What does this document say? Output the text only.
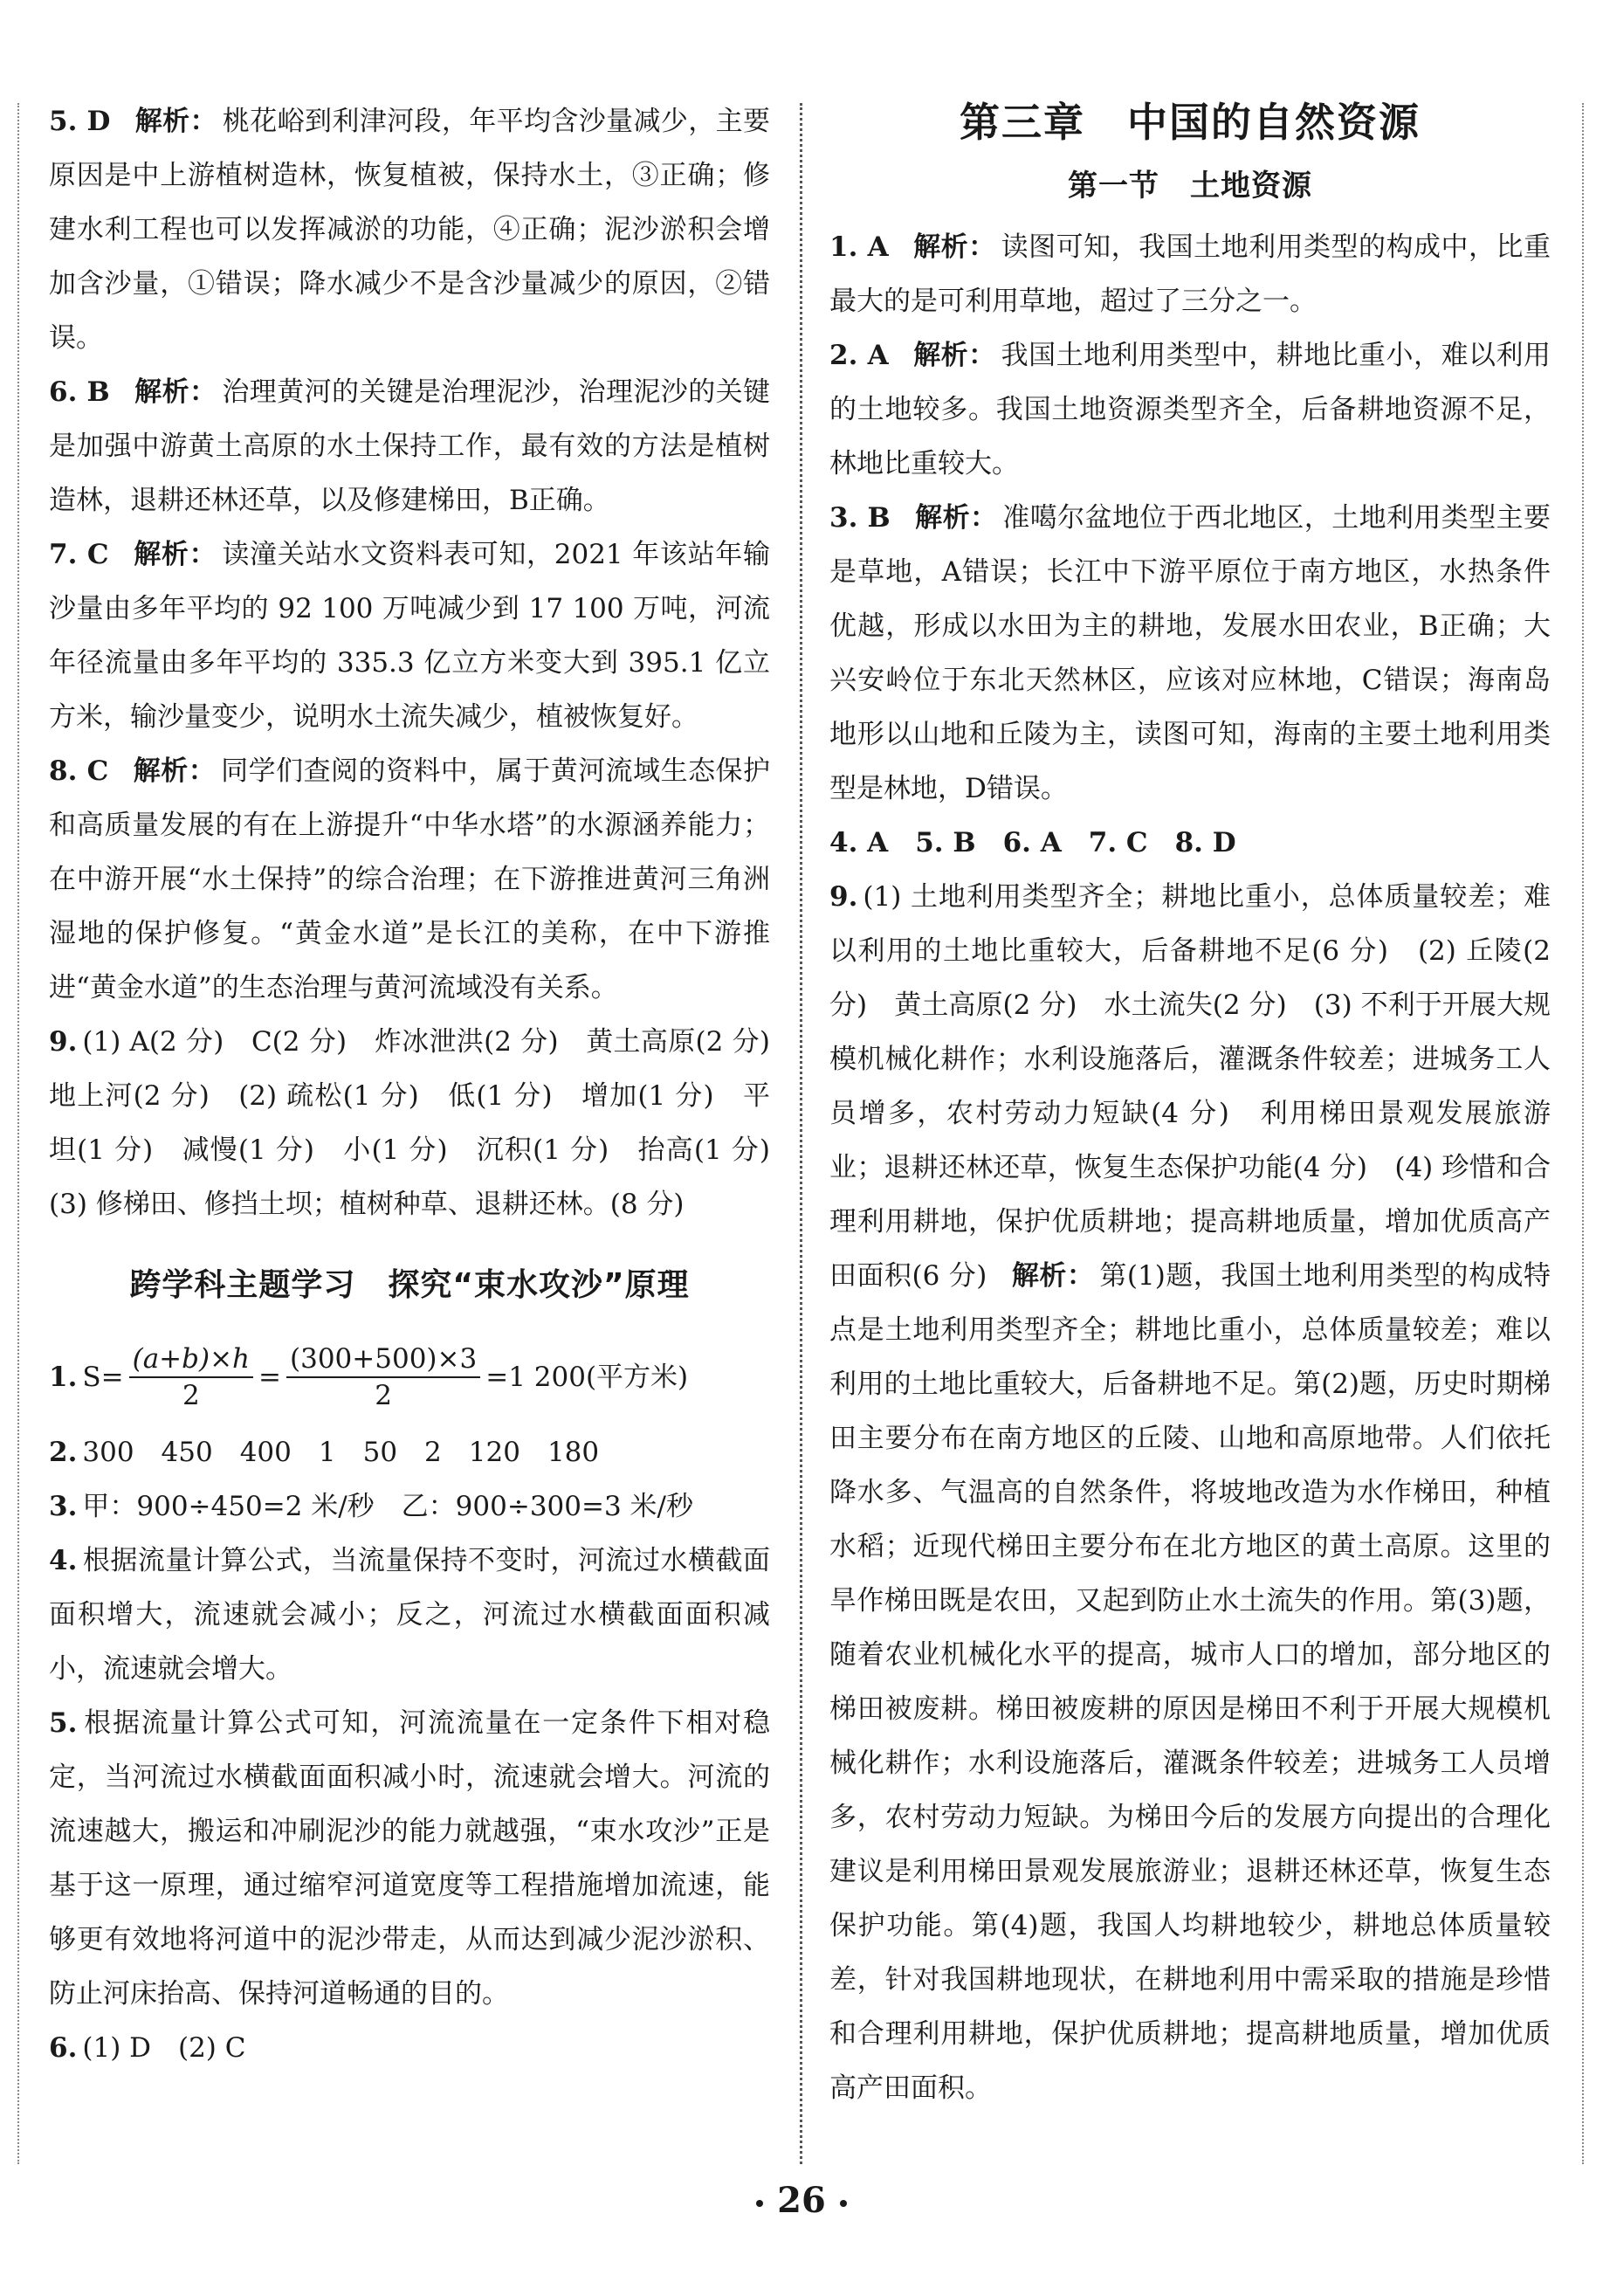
5. D 解析： 桃花峪到利津河段，年平均含沙量减少，主要原因是中上游植树造林，恢复植被，保持水土，③正确；修建水利工程也可以发挥减淤的功能，④正确；泥沙淤积会增加含沙量，①错误；降水减少不是含沙量减少的原因，②错误。

6. B 解析： 治理黄河的关键是治理泥沙，治理泥沙的关键是加强中游黄土高原的水土保持工作，最有效的方法是植树造林，退耕还林还草，以及修建梯田，B正确。

7. C 解析： 读潼关站水文资料表可知，2021 年该站年输沙量由多年平均的 92 100 万吨减少到 17 100 万吨，河流年径流量由多年平均的 335.3 亿立方米变大到 395.1 亿立方米，输沙量变少，说明水土流失减少，植被恢复好。

8. C 解析： 同学们查阅的资料中，属于黄河流域生态保护和高质量发展的有在上游提升“中华水塔”的水源涵养能力；在中游开展“水土保持”的综合治理；在下游推进黄河三角洲湿地的保护修复。“黄金水道”是长江的美称，在中下游推进“黄金水道”的生态治理与黄河流域没有关系。

9. (1) A(2 分)　C(2 分)　炸冰泄洪(2 分)　黄土高原(2 分)　地上河(2 分)　(2) 疏松(1 分)　低(1 分)　增加(1 分)　平坦(1 分)　减慢(1 分)　小(1 分)　沉积(1 分)　抬高(1 分)　(3) 修梯田、修挡土坝；植树种草、退耕还林。(8 分)

跨学科主题学习　探究“束水攻沙”原理
1. $S= \frac{(a+b)\times h}{2} = \frac{(300+500)\times 3}{2} =1$ 200(平方米)

2. 300　450　400　1　50　2　120　180

3. 甲：900÷450=2 米/秒　乙：900÷300=3 米/秒

4. 根据流量计算公式，当流量保持不变时，河流过水横截面面积增大，流速就会减小；反之，河流过水横截面面积减小，流速就会增大。

5. 根据流量计算公式可知，河流流量在一定条件下相对稳定，当河流过水横截面面积减小时，流速就会增大。河流的流速越大，搬运和冲刷泥沙的能力就越强，“束水攻沙”正是基于这一原理，通过缩窄河道宽度等工程措施增加流速，能够更有效地将河道中的泥沙带走，从而达到减少泥沙淤积、防止河床抬高、保持河道畅通的目的。

6. (1) D　(2) C

第三章　中国的自然资源
第一节　土地资源

1. A 解析： 读图可知，我国土地利用类型的构成中，比重最大的是可利用草地，超过了三分之一。

2. A 解析： 我国土地利用类型中，耕地比重小，难以利用的土地较多。我国土地资源类型齐全，后备耕地资源不足，林地比重较大。

3. B 解析： 准噶尔盆地位于西北地区，土地利用类型主要是草地，A错误；长江中下游平原位于南方地区，水热条件优越，形成以水田为主的耕地，发展水田农业，B正确；大兴安岭位于东北天然林区，应该对应林地，C错误；海南岛地形以山地和丘陵为主，读图可知，海南的主要土地利用类型是林地，D错误。

4. A　5. B　6. A　7. C　8. D

9. (1) 土地利用类型齐全；耕地比重小，总体质量较差；难以利用的土地比重较大，后备耕地不足(6 分)　(2) 丘陵(2 分)　黄土高原(2 分)　水土流失(2 分)　(3) 不利于开展大规模机械化耕作；水利设施落后，灌溉条件较差；进城务工人员增多，农村劳动力短缺(4 分)　利用梯田景观发展旅游业；退耕还林还草，恢复生态保护功能(4 分)　(4) 珍惜和合理利用耕地，保护优质耕地；提高耕地质量，增加优质高产田面积(6 分) 解析： 第(1)题，我国土地利用类型的构成特点是土地利用类型齐全；耕地比重小，总体质量较差；难以利用的土地比重较大，后备耕地不足。第(2)题，历史时期梯田主要分布在南方地区的丘陵、山地和高原地带。人们依托降水多、气温高的自然条件，将坡地改造为水作梯田，种植水稻；近现代梯田主要分布在北方地区的黄土高原。这里的旱作梯田既是农田，又起到防止水土流失的作用。第(3)题，随着农业机械化水平的提高，城市人口的增加，部分地区的梯田被废耕。梯田被废耕的原因是梯田不利于开展大规模机械化耕作；水利设施落后，灌溉条件较差；进城务工人员增多，农村劳动力短缺。为梯田今后的发展方向提出的合理化建议是利用梯田景观发展旅游业；退耕还林还草，恢复生态保护功能。第(4)题，我国人均耕地较少，耕地总体质量较差，针对我国耕地现状，在耕地利用中需采取的措施是珍惜和合理利用耕地，保护优质耕地；提高耕地质量，增加优质高产田面积。

26
